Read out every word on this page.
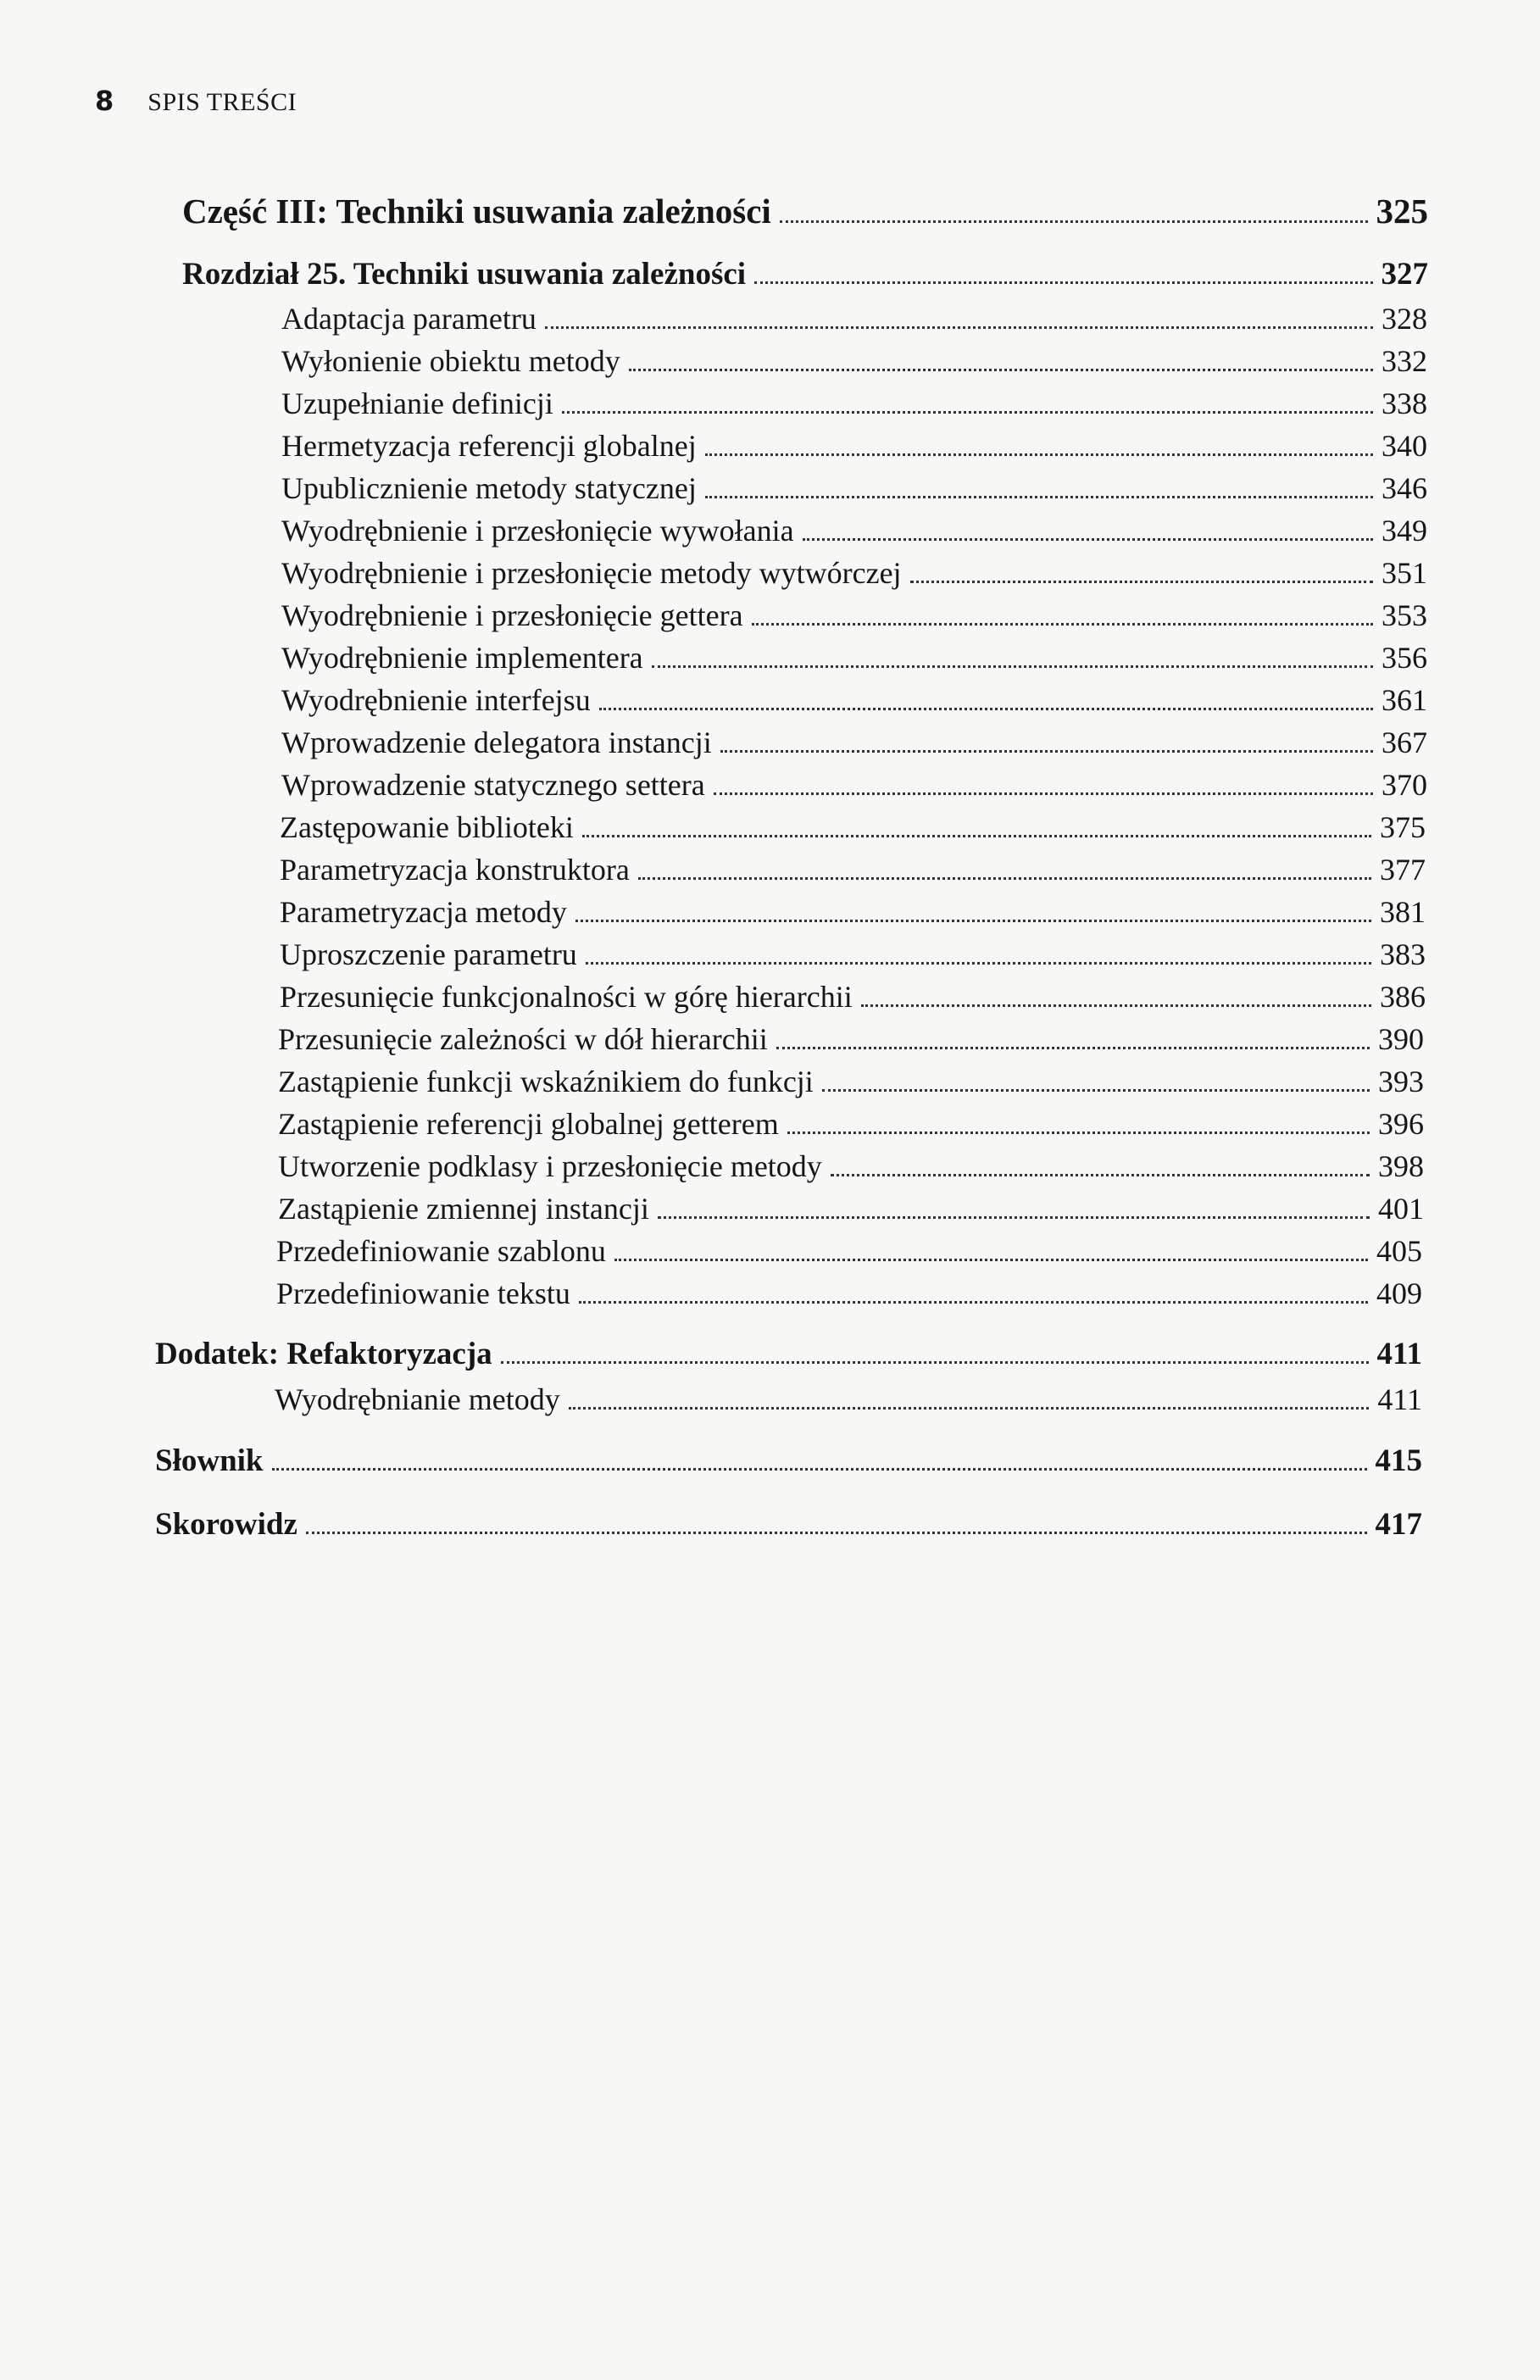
8 SPIS TREŚCI
Część III: Techniki usuwania zależności	325
Rozdział 25. Techniki usuwania zależności	327
Adaptacja parametru	328
Wyłonienie obiektu metody	332
Uzupełnianie definicji	338
Hermetyzacja referencji globalnej	340
Upublicznienie metody statycznej	346
Wyodrębnienie i przesłonięcie wywołania	349
Wyodrębnienie i przesłonięcie metody wytwórczej	351
Wyodrębnienie i przesłonięcie gettera	353
Wyodrębnienie implementera	356
Wyodrębnienie interfejsu	361
Wprowadzenie delegatora instancji	367
Wprowadzenie statycznego settera	370
Zastępowanie biblioteki	375
Parametryzacja konstruktora	377
Parametryzacja metody	381
Uproszczenie parametru	383
Przesunięcie funkcjonalności w górę hierarchii	386
Przesunięcie zależności w dół hierarchii	390
Zastąpienie funkcji wskaźnikiem do funkcji	393
Zastąpienie referencji globalnej getterem	396
Utworzenie podklasy i przesłonięcie metody	398
Zastąpienie zmiennej instancji	401
Przedefiniowanie szablonu	405
Przedefiniowanie tekstu	409
Dodatek: Refaktoryzacja	411
Wyodrębnianie metody	411
Słownik	415
Skorowidz	417
